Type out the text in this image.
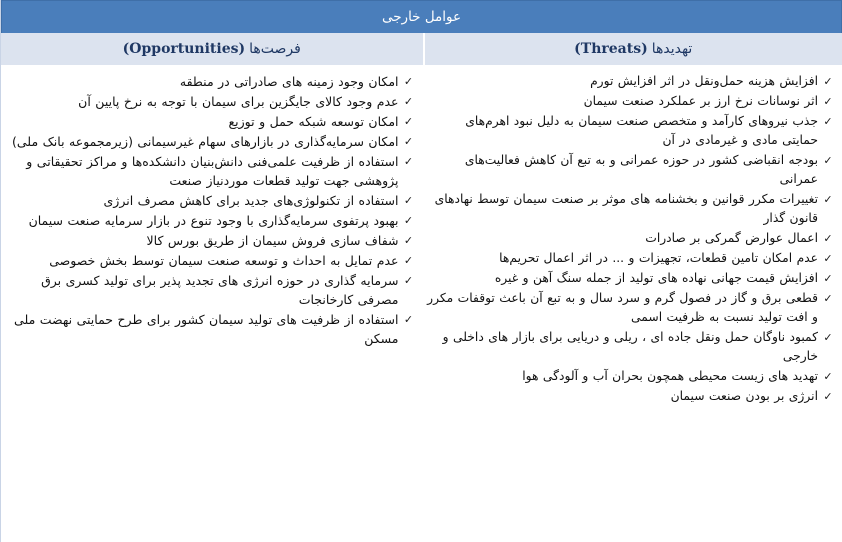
عوامل خارجی
تهدیدها
(Threats)
فرصت‌ها
(Opportunities)
✓
افزایش هزینه حمل‌ونقل در اثر افزایش تورم
✓
اثر نوسانات نرخ ارز بر عملکرد صنعت سیمان
✓
جذب نیروهای کارآمد و متخصص صنعت سیمان به دلیل نبود اهرم‌های حمایتی مادی و غیرمادی در آن
✓
بودجه انقباضی کشور در حوزه عمرانی و به تبع آن کاهش فعالیت‌های عمرانی
✓
تغییرات مکرر قوانین و بخشنامه های موثر بر صنعت سیمان توسط نهادهای قانون گذار
✓
اعمال عوارض گمرکی بر صادرات
✓
عدم امکان تامین قطعات، تجهیزات و ... در اثر اعمال تحریم‌ها
✓
افزایش قیمت جهانی نهاده های تولید از جمله سنگ آهن و غیره
✓
قطعی برق و گاز در فصول گرم و سرد سال و به تبع آن باعث توقفات مکرر و افت تولید نسبت به ظرفیت اسمی
✓
کمبود ناوگان حمل ونقل جاده ای ، ریلی و دریایی برای بازار های داخلی و خارجی
✓
تهدید های زیست محیطی همچون بحران آب و آلودگی هوا
✓
انرژی بر بودن صنعت سیمان
✓
امکان وجود زمینه های صادراتی در منطقه
✓
عدم وجود کالای جایگزین برای سیمان با توجه به نرخ پایین آن
✓
امکان توسعه شبکه حمل و توزیع
✓
امکان سرمایه‌گذاری در بازارهای سهام غیرسیمانی (زیرمجموعه بانک ملی)
✓
استفاده از ظرفیت علمی‌فنی دانش‌بنیان دانشکده‌ها و مراکز تحقیقاتی و پژوهشی جهت تولید قطعات موردنیاز صنعت
✓
استفاده از تکنولوژی‌های جدید برای کاهش مصرف انرژی
✓
بهبود پرتفوی سرمایه‌گذاری با وجود تنوع در بازار سرمایه صنعت سیمان
✓
شفاف سازی فروش سیمان از طریق بورس کالا
✓
عدم تمایل به احداث و توسعه صنعت سیمان توسط بخش خصوصی
✓
سرمایه گذاری در حوزه انرژی های تجدید پذیر برای تولید کسری برق مصرفی کارخانجات
✓
استفاده از ظرفیت های تولید سیمان کشور برای طرح حمایتی نهضت ملی مسکن
